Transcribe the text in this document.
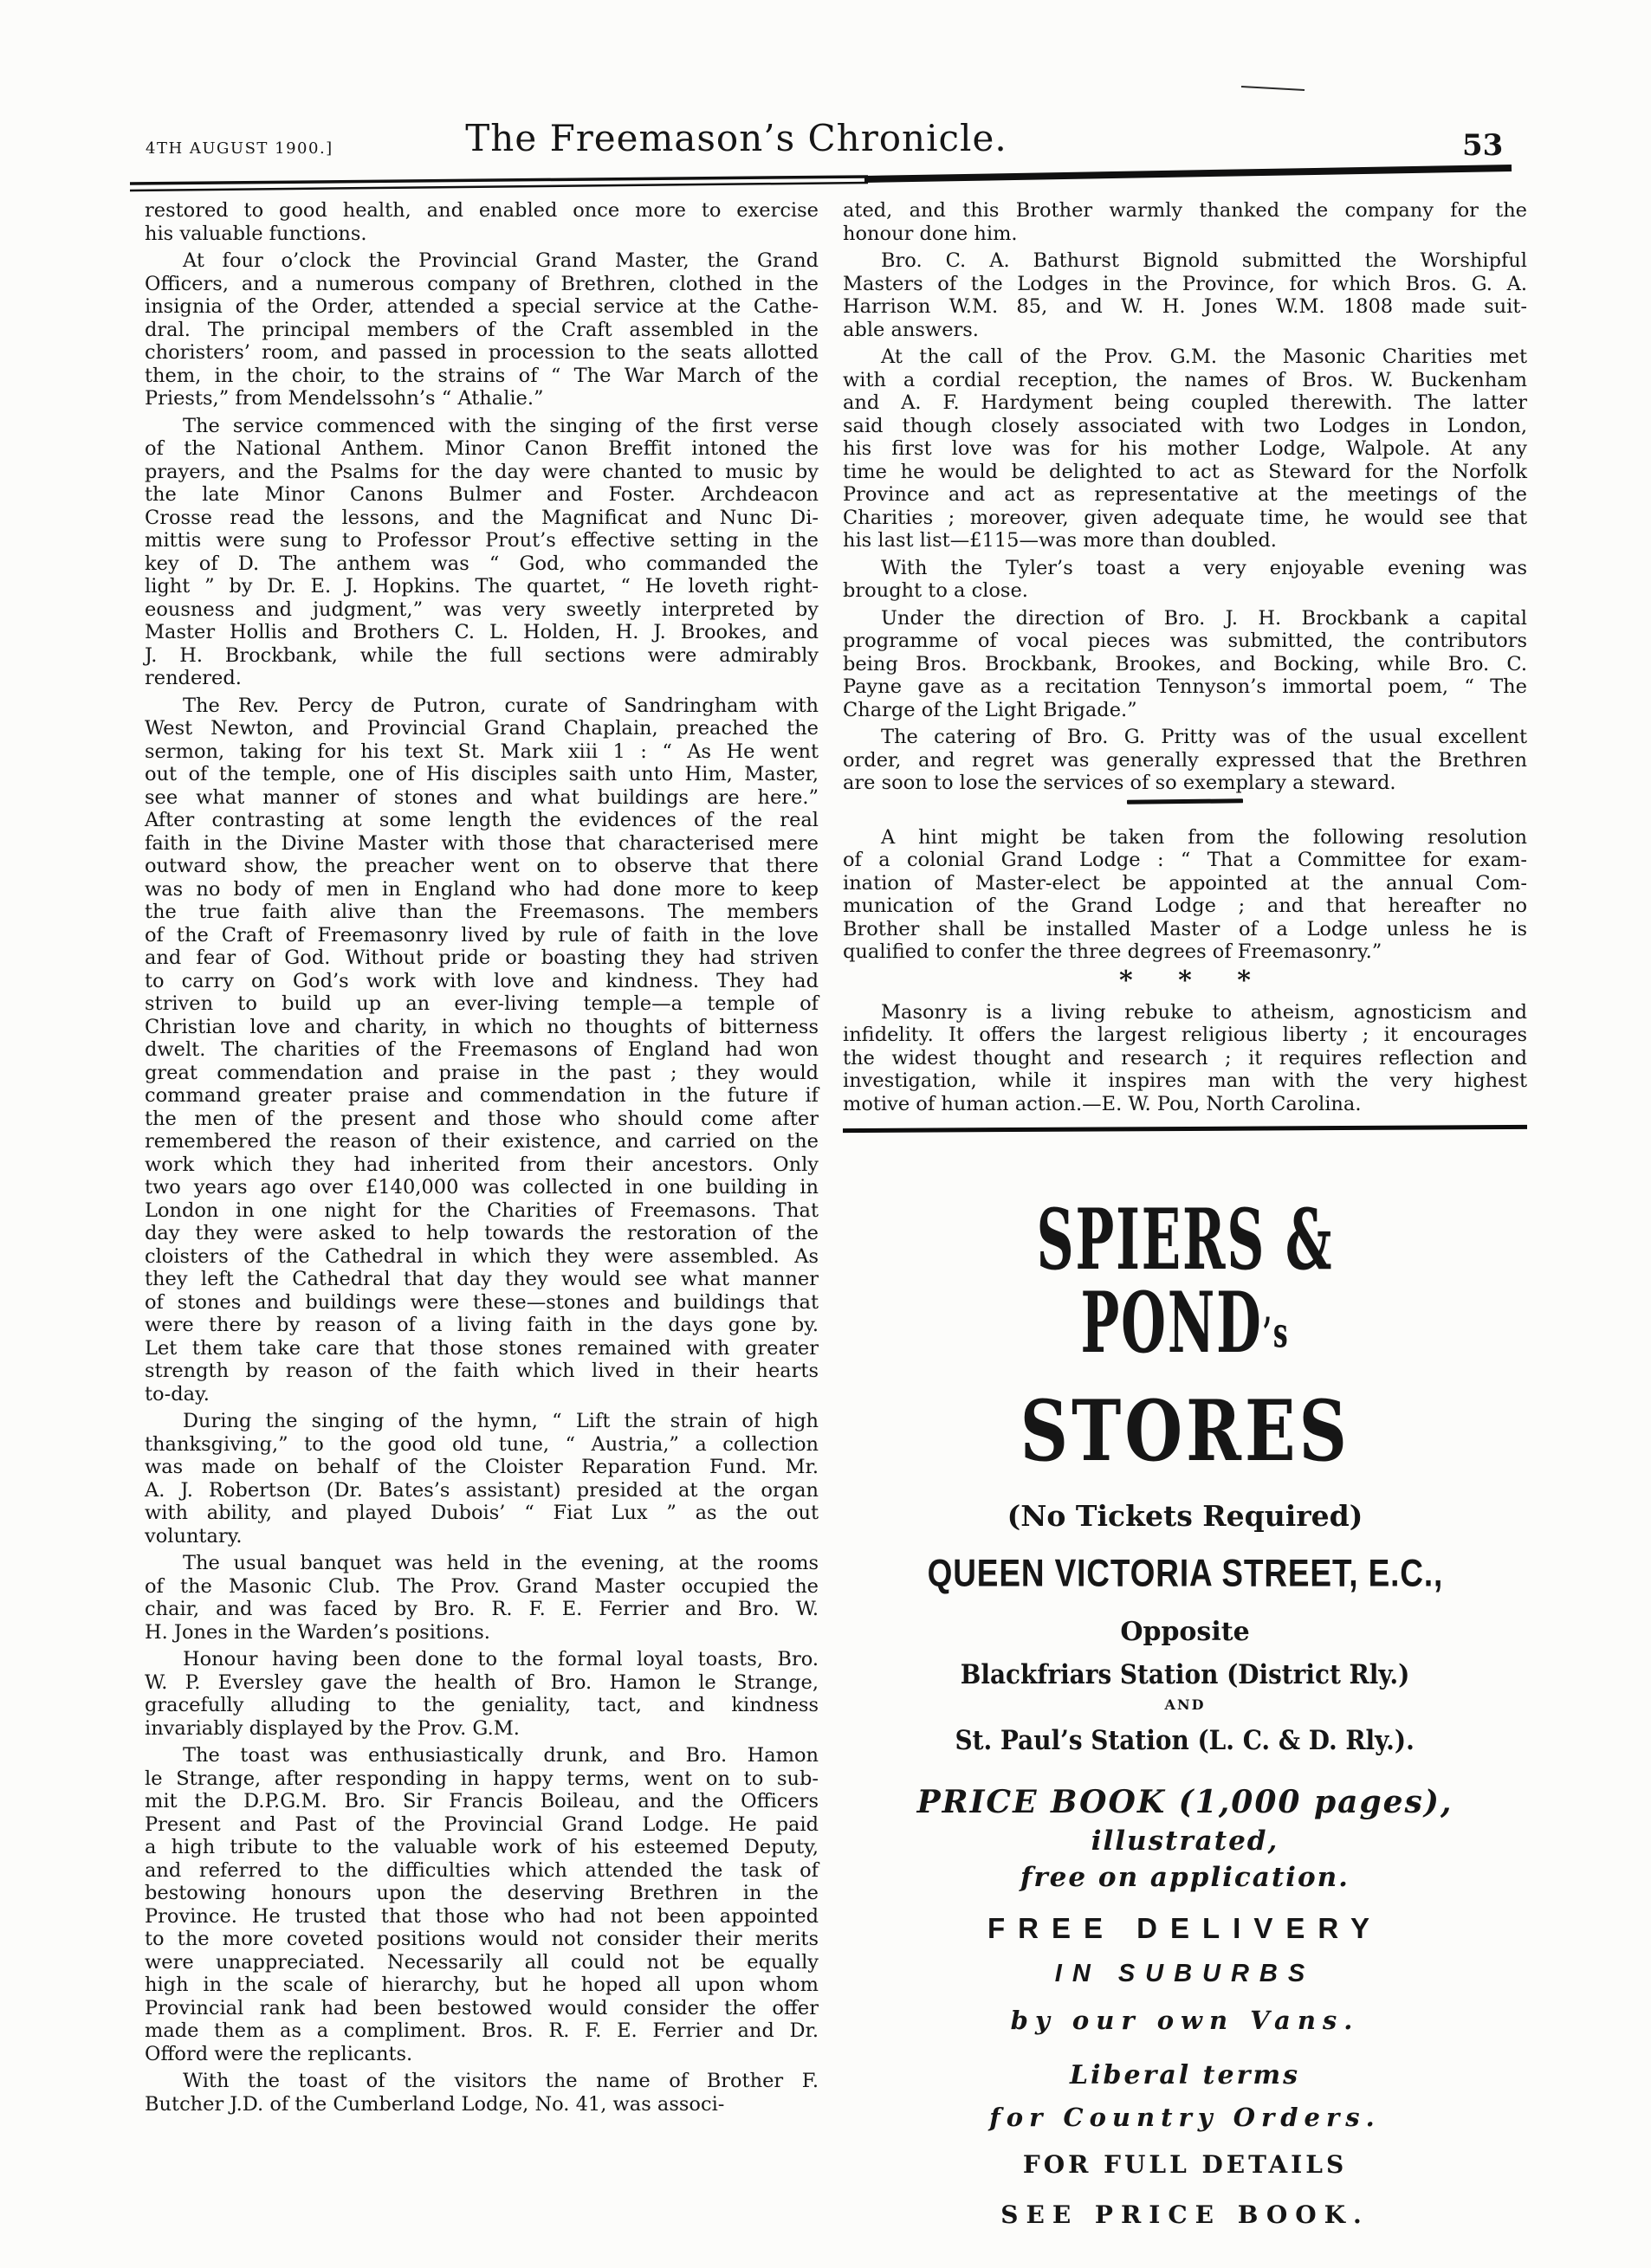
4th August 1900.]	The Freemason’s Chronicle.	53
restored to good health, and enabled once more to exercise
his valuable functions.
At four o’clock the Provincial Grand Master, the Grand
Officers, and a numerous company of Brethren, clothed in the
insignia of the Order, attended a special service at the Cathe-
dral. The principal members of the Craft assembled in the
choristers’ room, and passed in procession to the seats allotted
them, in the choir, to the strains of “ The War March of the
Priests,” from Mendelssohn’s “ Athalie.”
The service commenced with the singing of the first verse
of the National Anthem. Minor Canon Breffit intoned the
prayers, and the Psalms for the day were chanted to music by
the late Minor Canons Bulmer and Foster. Archdeacon
Crosse read the lessons, and the Magnificat and Nunc Di-
mittis were sung to Professor Prout’s effective setting in the
key of D. The anthem was “ God, who commanded the
light ” by Dr. E. J. Hopkins. The quartet, “ He loveth right-
eousness and judgment,” was very sweetly interpreted by
Master Hollis and Brothers C. L. Holden, H. J. Brookes, and
J. H. Brockbank, while the full sections were admirably
rendered.
The Rev. Percy de Putron, curate of Sandringham with
West Newton, and Provincial Grand Chaplain, preached the
sermon, taking for his text St. Mark xiii 1 : “ As He went
out of the temple, one of His disciples saith unto Him, Master,
see what manner of stones and what buildings are here.”
After contrasting at some length the evidences of the real
faith in the Divine Master with those that characterised mere
outward show, the preacher went on to observe that there
was no body of men in England who had done more to keep
the true faith alive than the Freemasons. The members
of the Craft of Freemasonry lived by rule of faith in the love
and fear of God. Without pride or boasting they had striven
to carry on God’s work with love and kindness. They had
striven to build up an ever-living temple—a temple of
Christian love and charity, in which no thoughts of bitterness
dwelt. The charities of the Freemasons of England had won
great commendation and praise in the past ; they would
command greater praise and commendation in the future if
the men of the present and those who should come after
remembered the reason of their existence, and carried on the
work which they had inherited from their ancestors. Only
two years ago over £140,000 was collected in one building in
London in one night for the Charities of Freemasons. That
day they were asked to help towards the restoration of the
cloisters of the Cathedral in which they were assembled. As
they left the Cathedral that day they would see what manner
of stones and buildings were these—stones and buildings that
were there by reason of a living faith in the days gone by.
Let them take care that those stones remained with greater
strength by reason of the faith which lived in their hearts
to-day.
During the singing of the hymn, “ Lift the strain of high
thanksgiving,” to the good old tune, “ Austria,” a collection
was made on behalf of the Cloister Reparation Fund. Mr.
A. J. Robertson (Dr. Bates’s assistant) presided at the organ
with ability, and played Dubois’ “ Fiat Lux ” as the out
voluntary.
The usual banquet was held in the evening, at the rooms
of the Masonic Club. The Prov. Grand Master occupied the
chair, and was faced by Bro. R. F. E. Ferrier and Bro. W.
H. Jones in the Warden’s positions.
Honour having been done to the formal loyal toasts, Bro.
W. P. Eversley gave the health of Bro. Hamon le Strange,
gracefully alluding to the geniality, tact, and kindness
invariably displayed by the Prov. G.M.
The toast was enthusiastically drunk, and Bro. Hamon
le Strange, after responding in happy terms, went on to sub-
mit the D.P.G.M. Bro. Sir Francis Boileau, and the Officers
Present and Past of the Provincial Grand Lodge. He paid
a high tribute to the valuable work of his esteemed Deputy,
and referred to the difficulties which attended the task of
bestowing honours upon the deserving Brethren in the
Province. He trusted that those who had not been appointed
to the more coveted positions would not consider their merits
were unappreciated. Necessarily all could not be equally
high in the scale of hierarchy, but he hoped all upon whom
Provincial rank had been bestowed would consider the offer
made them as a compliment. Bros. R. F. E. Ferrier and Dr.
Offord were the replicants.
With the toast of the visitors the name of Brother F.
Butcher J.D. of the Cumberland Lodge, No. 41, was associ-
ated, and this Brother warmly thanked the company for the
honour done him.
Bro. C. A. Bathurst Bignold submitted the Worshipful
Masters of the Lodges in the Province, for which Bros. G. A.
Harrison W.M. 85, and W. H. Jones W.M. 1808 made suit-
able answers.
At the call of the Prov. G.M. the Masonic Charities met
with a cordial reception, the names of Bros. W. Buckenham
and A. F. Hardyment being coupled therewith. The latter
said though closely associated with two Lodges in London,
his first love was for his mother Lodge, Walpole. At any
time he would be delighted to act as Steward for the Norfolk
Province and act as representative at the meetings of the
Charities ; moreover, given adequate time, he would see that
his last list—£115—was more than doubled.
With the Tyler’s toast a very enjoyable evening was
brought to a close.
Under the direction of Bro. J. H. Brockbank a capital
programme of vocal pieces was submitted, the contributors
being Bros. Brockbank, Brookes, and Bocking, while Bro. C.
Payne gave as a recitation Tennyson’s immortal poem, “ The
Charge of the Light Brigade.”
The catering of Bro. G. Pritty was of the usual excellent
order, and regret was generally expressed that the Brethren
are soon to lose the services of so exemplary a steward.
A hint might be taken from the following resolution
of a colonial Grand Lodge : “ That a Committee for exam-
ination of Master-elect be appointed at the annual Com-
munication of the Grand Lodge ; and that hereafter no
Brother shall be installed Master of a Lodge unless he is
qualified to confer the three degrees of Freemasonry.”
* * *
Masonry is a living rebuke to atheism, agnosticism and
infidelity. It offers the largest religious liberty ; it encourages
the widest thought and research ; it requires reflection and
investigation, while it inspires man with the very highest
motive of human action.—E. W. Pou, North Carolina.
SPIERS & POND’s
STORES
(No Tickets Required)
QUEEN VICTORIA STREET, E.C.,
Opposite
Blackfriars Station (District Rly.)
AND
St. Paul’s Station (L. C. & D. Rly.).
PRICE BOOK (1,000 pages),
illustrated,
free on application.
FREE DELIVERY
IN SUBURBS
by our own Vans.
Liberal terms
for Country Orders.
FOR FULL DETAILS
SEE PRICE BOOK.
